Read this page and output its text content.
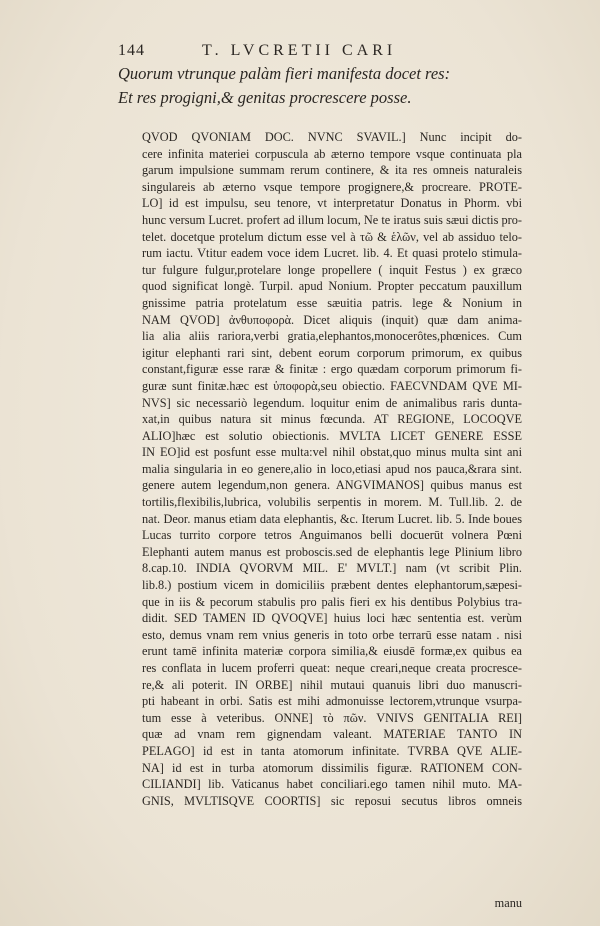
144	T. LVCRETII CARI
Quorum vtrunque palàm fieri manifesta docet res:
Et res progigni,& genitas procrescere posse.
QVOD QVONIAM DOC. NVNC SVAVIL.] Nunc incipit do-
cere infinita materiei corpuscula ab æterno tempore vsque continuata pla
garum impulsione summam rerum continere, & ita res omneis naturaleis
singulareis ab æterno vsque tempore progignere,& procreare. PROTE-
LO] id est impulsu, seu tenore, vt interpretatur Donatus in Phorm. vbi
hunc versum Lucret. profert ad illum locum, Ne te iratus suis sæui dictis pro-
telet. docetque protelum dictum esse vel à τῶ & ἑλῶν, vel ab assiduo telo-
rum iactu. Vtitur eadem voce idem Lucret. lib. 4. Et quasi protelo stimula-
tur fulgure fulgur,protelare longe propellere ( inquit Festus ) ex græco
quod significat longè. Turpil. apud Nonium. Propter peccatum pauxillum
gnissime patria protelatum esse sæuitia patris. lege & Nonium in
NAM QVOD] ἀνθυποφορὰ. Dicet aliquis (inquit) quæ dam anima-
lia alia aliis rariora,verbi gratia,elephantos,monocerôtes,phœnices. Cum
igitur elephanti rari sint, debent eorum corporum primorum, ex quibus
constant,figuræ esse raræ & finitæ : ergo quædam corporum primorum fi-
guræ sunt finitæ.hæc est ὑποφορὰ,seu obiectio. FAECVNDAM QVE MI-
NVS] sic necessariò legendum. loquitur enim de animalibus raris dunta-
xat,in quibus natura sit minus fœcunda. AT REGIONE, LOCOQVE
ALIO]hæc est solutio obiectionis. MVLTA LICET GENERE ESSE
IN EO]id est posfunt esse multa:vel nihil obstat,quo minus multa sint ani
malia singularia in eo genere,alio in loco,etiasi apud nos pauca,&rara sint.
genere autem legendum,non genera. ANGVIMANOS] quibus manus est
tortilis,flexibilis,lubrica, volubilis serpentis in morem. M. Tull.lib. 2. de
nat. Deor. manus etiam data elephantis, &c. Iterum Lucret. lib. 5. Inde boues
Lucas turrito corpore tetros Anguimanos belli docuerūt volnera Pœni
Elephanti autem manus est proboscis.sed de elephantis lege Plinium libro
8.cap.10. INDIA QVORVM MIL. E' MVLT.] nam (vt scribit Plin.
lib.8.) postium vicem in domiciliis præbent dentes elephantorum,sæpesi-
que in iis & pecorum stabulis pro palis fieri ex his dentibus Polybius tra-
didit. SED TAMEN ID QVOQVE] huius loci hæc sententia est. verùm
esto, demus vnam rem vnius generis in toto orbe terrarū esse natam . nisi
erunt tamē infinita materiæ corpora similia,& eiusdē formæ,ex quibus ea
res conflata in lucem proferri queat: neque creari,neque creata procresce-
re,& ali poterit. IN ORBE] nihil mutaui quanuis libri duo manuscri-
pti habeant in orbi. Satis est mihi admonuisse lectorem,vtrunque vsurpa-
tum esse à veteribus. ONNE] τὸ πῶν. VNIVS GENITALIA REI]
quæ ad vnam rem gignendam valeant. MATERIAE TANTO IN
PELAGO] id est in tanta atomorum infinitate. TVRBA QVE ALIE-
NA] id est in turba atomorum dissimilis figuræ. RATIONEM CON-
CILIANDI] lib. Vaticanus habet conciliari.ego tamen nihil muto. MA-
GNIS, MVLTISQVE COORTIS] sic reposui secutus libros omneis
manu
